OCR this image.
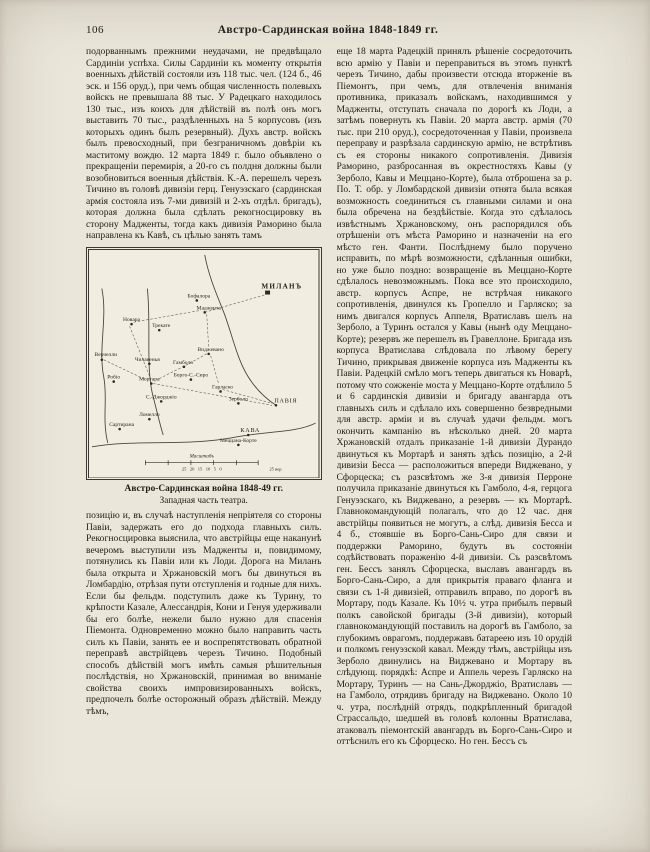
106	Австро-Сардинская война 1848-1849 гг.

подорваннымъ прежними неудачами, не предвѣщало Сардиніи успѣха. Силы Сардиніи къ моменту открытія военныхъ дѣйствій состояли изъ 118 тыс. чел. (124 б., 46 эск. и 156 оруд.), при чемъ общая численность полевыхъ войскъ не превышала 88 тыс. У Радецкаго находилось 130 тыс., изъ коихъ для дѣйствій въ полѣ онъ могъ выставить 70 тыс., раздѣленныхъ на 5 корпусовъ (изъ которыхъ одинъ былъ резервный). Духъ австр. войскъ былъ превосходный, при безграничномъ довѣріи къ маститому вождю. 12 марта 1849 г. было объявлено о прекращеніи перемирія, а 20-го съ полдня должны были возобновиться военныя дѣйствія. К.-А. перешелъ черезъ Тичино въ головѣ дивизіи герц. Генуэзскаго (сардинская армія состояла изъ 7-ми дивизій и 2-хъ отдѣл. бригадъ), которая должна была сдѣлать рекогносцировку въ сторону Мадженты, тогда какъ дивизія Раморино была направлена къ Кавѣ, съ цѣлью занять тамъ

МИЛАНЪ
Маджента
Бофалора
Трекате
Новара
Верчелли
Виджевано
Гамболо
Борго-С.-Сиро
Мортара
Чилавенья
Робіо
Гарласко
С.-Джорджіо	Зерболо	ПАВІЯ
КАВА
Меццана-Корте
Сартирана
Ломелло
Масштабъ
25   20   15   10   5   0	25 вер.
Австро-Сардинская война 1848-49 гг.
Западная часть театра.

позицію и, въ случаѣ наступленія непріятеля со стороны Павіи, задержать его до подхода главныхъ силъ. Рекогносцировка выяснила, что австрійцы еще наканунѣ вечеромъ выступили изъ Мадженты и, повидимому, потянулись къ Павіи или къ Лоди. Дорога на Миланъ была открыта и Хржановскій могъ бы двинуться въ Ломбардію, отрѣзая пути отступленія и годные для нихъ. Если бы фельдм. подступилъ даже къ Турину, то крѣпости Казале, Алессандрія, Кони и Генуя удерживали бы его болѣе, нежели было нужно для спасенія Піемонта. Одновременно можно было направить часть силъ къ Павіи, занять ее и воспрепятствовать обратной переправѣ австрійцевъ черезъ Тичино. Подобный способъ дѣйствій могъ имѣть самыя рѣшительныя послѣдствія, но Хржановскій, принимая во вниманіе свойства своихъ импровизированныхъ войскъ, предпочелъ болѣе осторожный образъ дѣйствій. Между тѣмъ,

еще 18 марта Радецкій принялъ рѣшеніе сосредоточить всю армію у Павіи и переправиться въ этомъ пунктѣ черезъ Тичино, дабы произвести отсюда вторженіе въ Піемонтъ, при чемъ, для отвлеченія вниманія противника, приказалъ войскамъ, находившимся у Мадженты, отступать сначала по дорогѣ къ Лоди, а затѣмъ повернуть къ Павіи. 20 марта австр. армія (70 тыс. при 210 оруд.), сосредоточенная у Павіи, произвела переправу и разрѣзала сардинскую армію, не встрѣтивъ съ ея стороны никакого сопротивленія. Дивизія Раморино, разбросанная въ окрестностяхъ Кавы (у Зерболо, Кавы и Меццано-Корте), была отброшена за р. По. Т. обр. у Ломбардской дивизіи отнята была всякая возможность соединиться съ главными силами и она была обречена на бездѣйствіе. Когда это сдѣлалось извѣстнымъ Хржановскому, онъ распорядился объ отрѣшеніи отъ мѣста Раморино и назначеніи на его мѣсто ген. Фанти. Послѣднему было поручено исправить, по мѣрѣ возможности, сдѣланныя ошибки, но уже было поздно: возвращеніе въ Меццано-Корте сдѣлалось невозможнымъ. Пока все это происходило, австр. корпусъ Аспре, не встрѣчая никакого сопротивленія, двинулся къ Гропелло и Гарляско; за нимъ двигался корпусъ Аппеля, Вратиславъ шелъ на Зерболо, а Туринъ остался у Кавы (нынѣ оду Меццано-Корте); резервъ же перешелъ въ Гравеллоне. Бригада изъ корпуса Вратислава слѣдовала по лѣвому берегу Тичино, прикрывая движеніе корпуса изъ Мадженты къ Павіи. Радецкій смѣло могъ теперь двигаться къ Новарѣ, потому что сожженіе моста у Меццано-Корте отдѣлило 5 и 6 сардинскія дивизіи и бригаду авангарда отъ главныхъ силъ и сдѣлало ихъ совершенно безвредными для австр. арміи и въ случаѣ удачи фельдм. могъ окончить кампанію въ нѣсколько дней. 20 марта Хржановскій отдалъ приказаніе 1-й дивизіи Дурандо двинуться къ Мортарѣ и занять здѣсь позицію, а 2-й дивизіи Бесса — расположиться впереди Виджевано, у Сфорцеска; съ разсвѣтомъ же 3-я дивизія Перроне получила приказаніе двинуться къ Гамболо, 4-я, герцога Генуэзскаго, къ Виджевано, а резервъ — къ Мортарѣ. Главнокомандующій полагалъ, что до 12 час. дня австрійцы появиться не могутъ, а слѣд. дивизія Бесса и 4 б., стоявшіе въ Борго-Сань-Сиро для связи и поддержки Раморино, будутъ въ состояніи содѣйствовать пораженію 4-й дивизіи. Съ разсвѣтомъ ген. Бессъ занялъ Сфорцеска, выславъ авангардъ въ Борго-Сань-Сиро, а для прикрытія праваго фланга и связи съ 1-й дивизіей, отправилъ вправо, по дорогѣ въ Мортару, подъ Казале. Къ 10½ ч. утра прибылъ первый полкъ савойской бригады (3-й дивизіи), который главнокомандующій поставилъ на дорогѣ въ Гамболо, за глубокимъ оврагомъ, поддержавъ батареею изъ 10 орудій и полкомъ генуэзской кавал. Между тѣмъ, австрійцы изъ Зерболо двинулись на Виджевано и Мортару въ слѣдующ. порядкѣ: Аспре и Аппель черезъ Гарляско на Мортару, Туринъ — на Сань-Джорджіо, Вратиславъ — на Гамболо, отрядивъ бригаду на Виджевано. Около 10 ч. утра, послѣдній отрядъ, подкрѣпленный бригадой Страссальдо, шедшей въ головѣ колонны Вратислава, атаковалъ піемонтскій авангардъ въ Борго-Сань-Сиро и оттѣснилъ его къ Сфорцеско. Но ген. Бессъ съ
